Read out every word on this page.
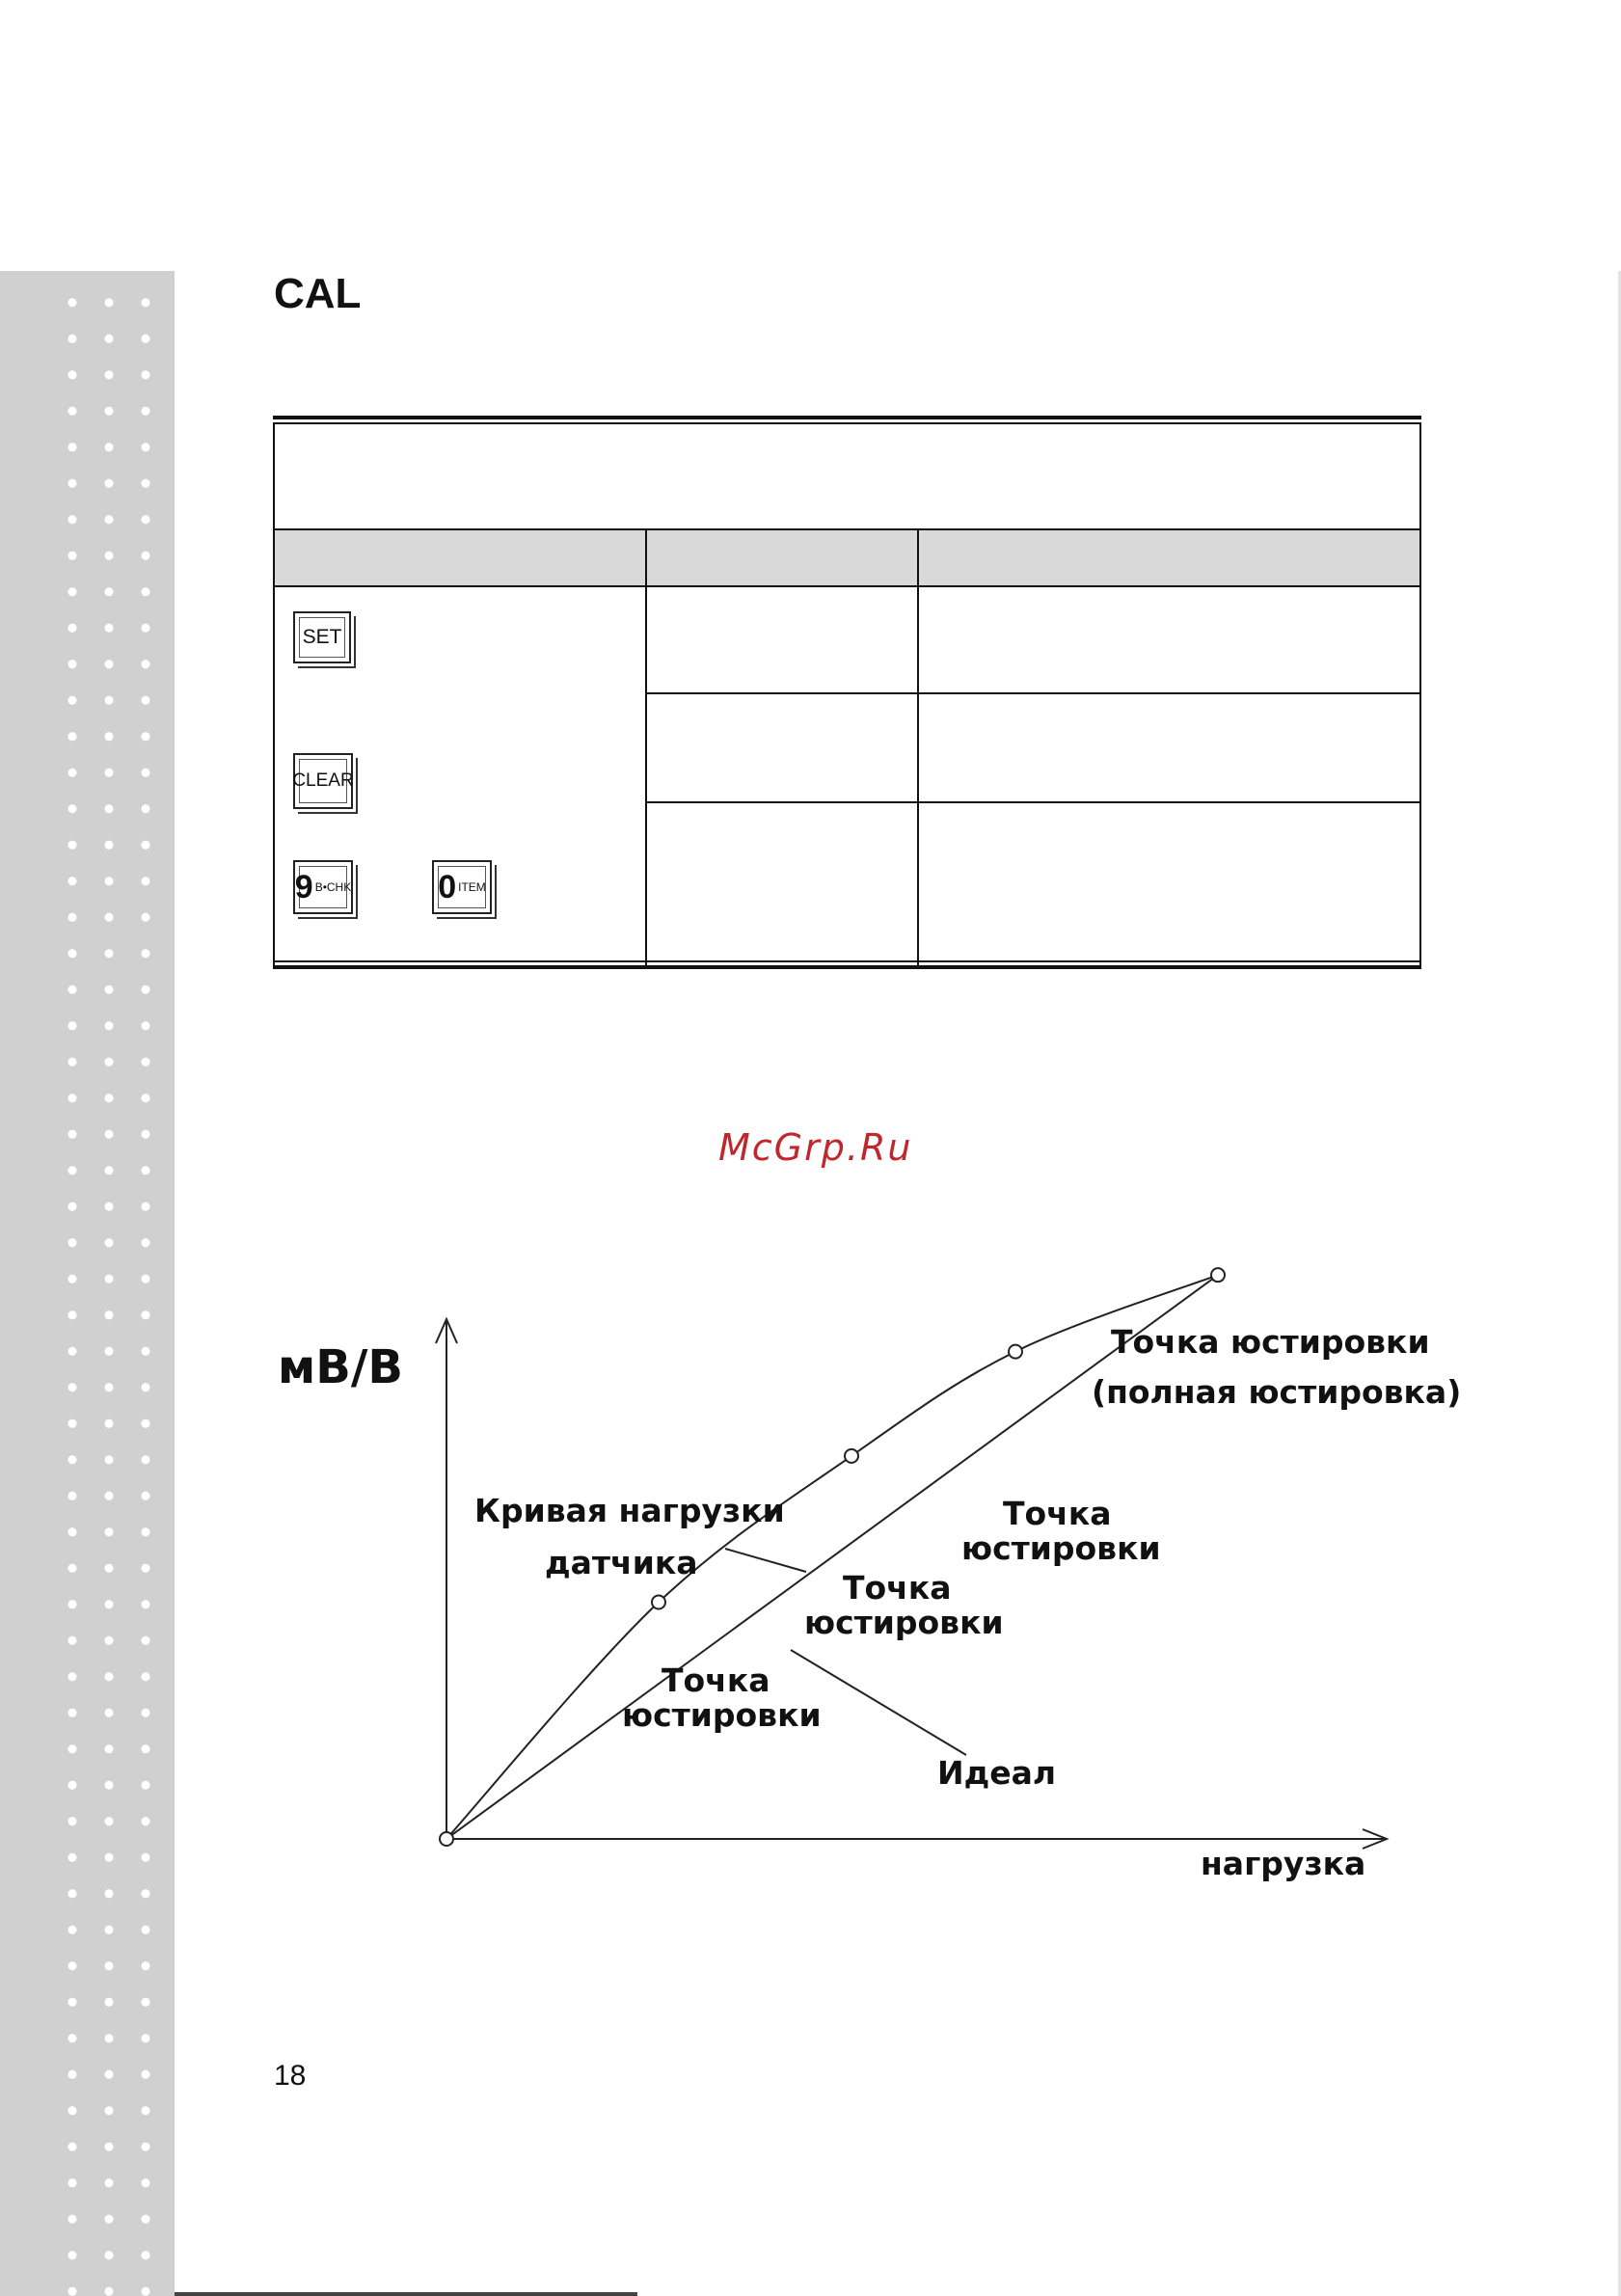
CAL
SET
CLEAR
9 B•CHK	0 ITEM
McGrp.Ru
мВ/В
нагрузка
Точка юстировки
(полная юстировка)
Кривая нагрузки
датчика
Точка
юстировки
Точка
юстировки
Точка
юстировки
Идеал
18
